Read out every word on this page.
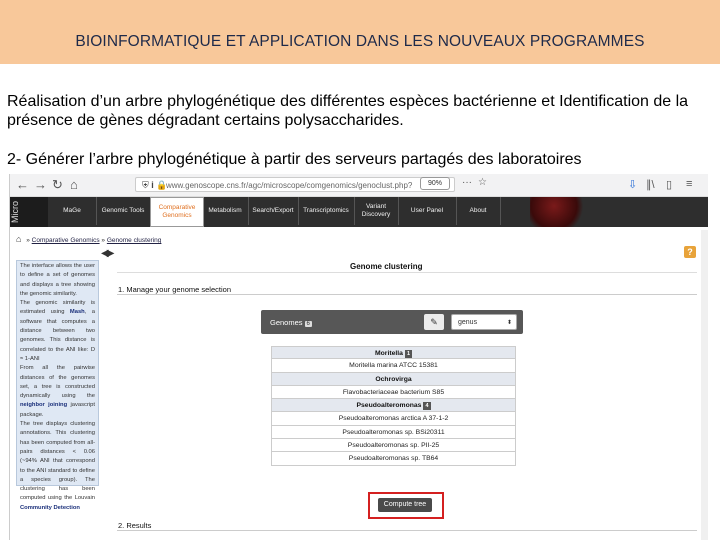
BIOINFORMATIQUE ET APPLICATION DANS LES NOUVEAUX PROGRAMMES
Réalisation d’un arbre phylogénétique des différentes espèces bactérienne et Identification de la présence de gènes dégradant certains polysaccharides.
2- Générer l’arbre phylogénétique à partir des serveurs partagés des laboratoires
← → ↻ ⌂	⛨ ℹ 🔒
www.genoscope.cns.fr/agc/microscope/comgenomics/genoclust.php?	90%	··· ☆	⇩ ∥\ ▯ ≡
MaGe	Genomic Tools	Comparative Genomics
Metabolism	Search/Export	Transcriptomics
Variant Discovery
User Panel	About
Micro
⌂ » Comparative Genomics » Genome clustering
◀▶
The interface allows the user to define a set of genomes and displays a tree showing the genomic similarity.
The genomic similarity is estimated using Mash, a software that computes a distance between two genomes. This distance is correlated to the ANI like: D ≈ 1-ANI
From all the pairwise distances of the genomes set, a tree is constructed dynamically using the neighbor joining javascript package.
The tree displays clustering annotations. This clustering has been computed from all-pairs distances < 0.06 (~94% ANI that correspond to the ANI standard to define a species group). The clustering has been computed using the Louvain Community Detection
?
Genome clustering
1. Manage your genome selection
Genomes 6	✎	genus	⬍
Moritella 1
Moritella marina ATCC 15381
Ochrovirga
Flavobacteriaceae bacterium S85
Pseudoalteromonas 4
Pseudoalteromonas arctica A 37-1-2
Pseudoalteromonas sp. BSi20311
Pseudoalteromonas sp. PII-25
Pseudoalteromonas sp. TB64
Compute tree
2. Results
